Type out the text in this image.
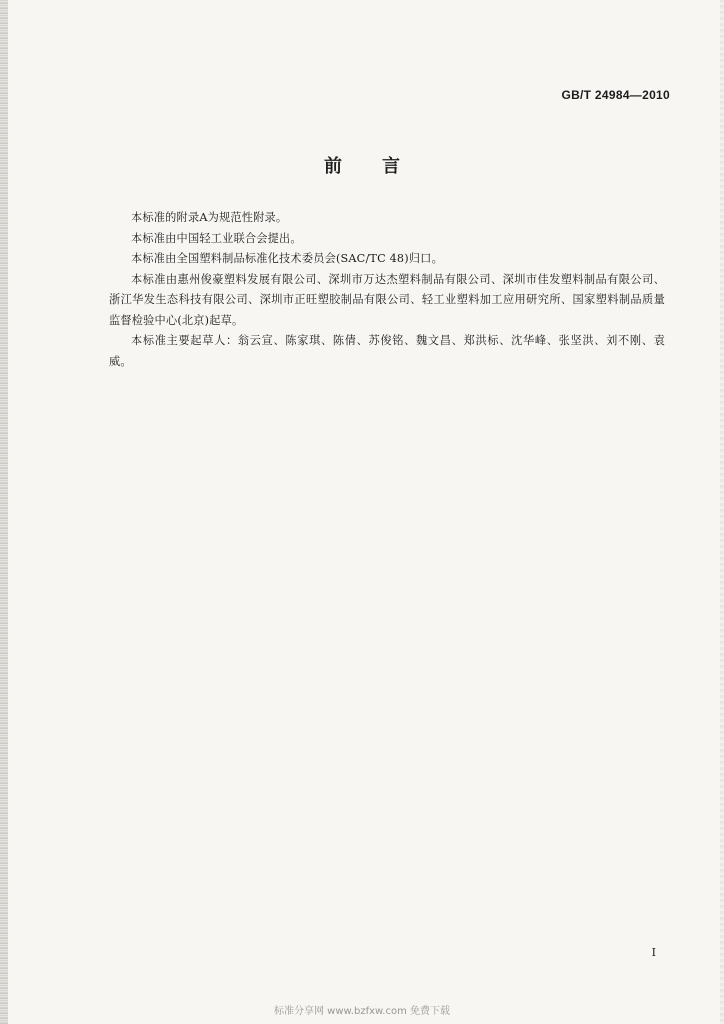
GB/T 24984—2010
前 言

本标准的附录A为规范性附录。

本标准由中国轻工业联合会提出。

本标准由全国塑料制品标准化技术委员会(SAC/TC 48)归口。

本标准由惠州俊豪塑料发展有限公司、深圳市万达杰塑料制品有限公司、深圳市佳发塑料制品有限公司、浙江华发生态科技有限公司、深圳市正旺塑胶制品有限公司、轻工业塑料加工应用研究所、国家塑料制品质量监督检验中心(北京)起草。

本标准主要起草人：翁云宣、陈家琪、陈倩、苏俊铭、魏文昌、郑洪标、沈华峰、张坚洪、刘不刚、袁威。

I
标准分享网 www.bzfxw.com 免费下载
